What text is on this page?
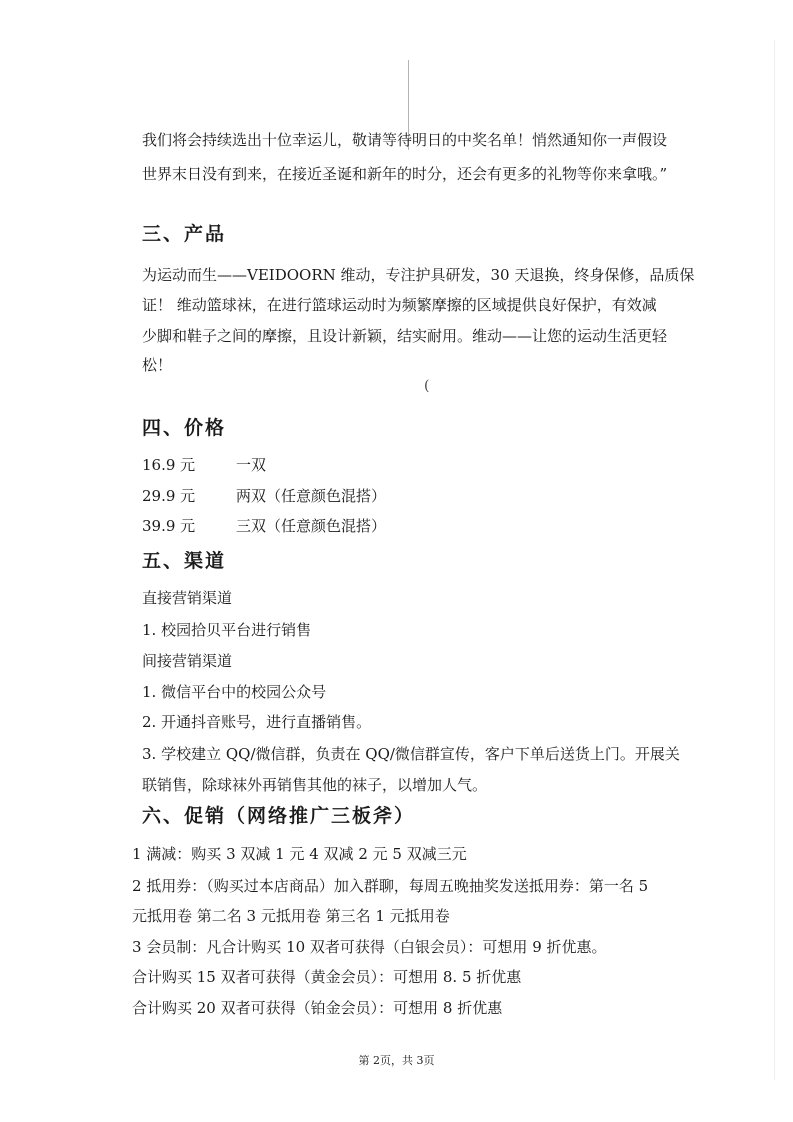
我们将会持续选出十位幸运儿，敬请等待明日的中奖名单！悄然通知你一声假设
世界末日没有到来，在接近圣诞和新年的时分，还会有更多的礼物等你来拿哦。”
三、产品
为运动而生——VEIDOORN 维动，专注护具研发，30 天退换，终身保修，品质保
证！ 维动篮球袜，在进行篮球运动时为频繁摩擦的区域提供良好保护，有效减
少脚和鞋子之间的摩擦，且设计新颖，结实耐用。维动——让您的运动生活更轻
松！
(
四、价格
16.9 元	一双
29.9 元	两双（任意颜色混搭）
39.9 元	三双（任意颜色混搭）
五、渠道
直接营销渠道
1. 校园拾贝平台进行销售
间接营销渠道
1. 微信平台中的校园公众号
2. 开通抖音账号，进行直播销售。
3. 学校建立 QQ/微信群，负责在 QQ/微信群宣传，客户下单后送货上门。开展关
联销售，除球袜外再销售其他的袜子，以增加人气。
六、促销（网络推广三板斧）
1 满减：购买 3 双减 1 元 4 双减 2 元 5 双减三元
2 抵用券：（购买过本店商品）加入群聊，每周五晚抽奖发送抵用券：第一名 5
元抵用卷 第二名 3 元抵用卷 第三名 1 元抵用卷
3 会员制：凡合计购买 10 双者可获得（白银会员）：可想用 9 折优惠。
合计购买 15 双者可获得（黄金会员）：可想用 8. 5 折优惠
合计购买 20 双者可获得（铂金会员）：可想用 8 折优惠
第 2页，共 3页
